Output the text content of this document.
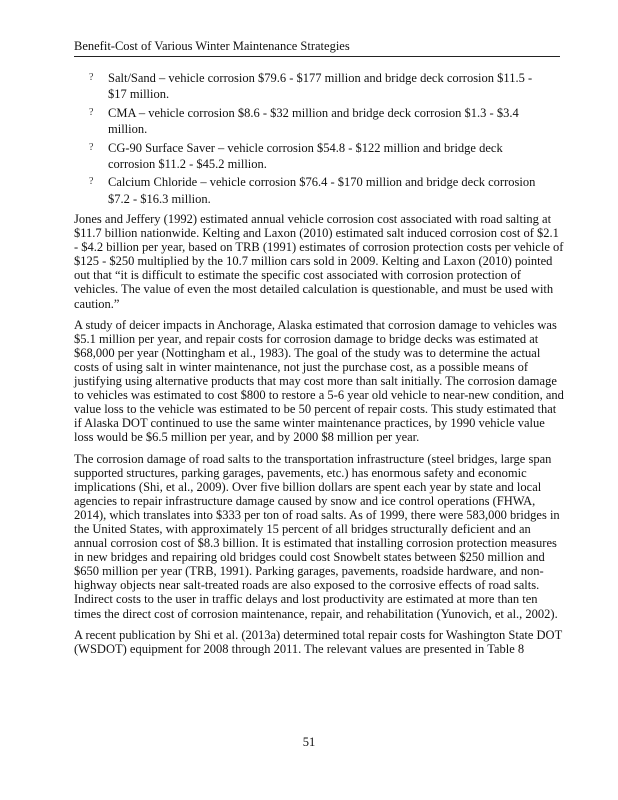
Benefit-Cost of Various Winter Maintenance Strategies
? Salt/Sand – vehicle corrosion $79.6 - $177 million and bridge deck corrosion $11.5 - $17 million.
? CMA – vehicle corrosion $8.6 - $32 million and bridge deck corrosion $1.3 - $3.4 million.
? CG-90 Surface Saver – vehicle corrosion $54.8 - $122 million and bridge deck corrosion $11.2 - $45.2 million.
? Calcium Chloride – vehicle corrosion $76.4 - $170 million and bridge deck corrosion $7.2 - $16.3 million.

Jones and Jeffery (1992) estimated annual vehicle corrosion cost associated with road salting at $11.7 billion nationwide. Kelting and Laxon (2010) estimated salt induced corrosion cost of $2.1 - $4.2 billion per year, based on TRB (1991) estimates of corrosion protection costs per vehicle of $125 - $250 multiplied by the 10.7 million cars sold in 2009. Kelting and Laxon (2010) pointed out that “it is difficult to estimate the specific cost associated with corrosion protection of vehicles. The value of even the most detailed calculation is questionable, and must be used with caution.”

A study of deicer impacts in Anchorage, Alaska estimated that corrosion damage to vehicles was $5.1 million per year, and repair costs for corrosion damage to bridge decks was estimated at $68,000 per year (Nottingham et al., 1983). The goal of the study was to determine the actual costs of using salt in winter maintenance, not just the purchase cost, as a possible means of justifying using alternative products that may cost more than salt initially. The corrosion damage to vehicles was estimated to cost $800 to restore a 5-6 year old vehicle to near-new condition, and value loss to the vehicle was estimated to be 50 percent of repair costs. This study estimated that if Alaska DOT continued to use the same winter maintenance practices, by 1990 vehicle value loss would be $6.5 million per year, and by 2000 $8 million per year.

The corrosion damage of road salts to the transportation infrastructure (steel bridges, large span supported structures, parking garages, pavements, etc.) has enormous safety and economic implications (Shi, et al., 2009). Over five billion dollars are spent each year by state and local agencies to repair infrastructure damage caused by snow and ice control operations (FHWA, 2014), which translates into $333 per ton of road salts. As of 1999, there were 583,000 bridges in the United States, with approximately 15 percent of all bridges structurally deficient and an annual corrosion cost of $8.3 billion. It is estimated that installing corrosion protection measures in new bridges and repairing old bridges could cost Snowbelt states between $250 million and $650 million per year (TRB, 1991). Parking garages, pavements, roadside hardware, and non-highway objects near salt-treated roads are also exposed to the corrosive effects of road salts. Indirect costs to the user in traffic delays and lost productivity are estimated at more than ten times the direct cost of corrosion maintenance, repair, and rehabilitation (Yunovich, et al., 2002).

A recent publication by Shi et al. (2013a) determined total repair costs for Washington State DOT (WSDOT) equipment for 2008 through 2011. The relevant values are presented in Table 8

51
